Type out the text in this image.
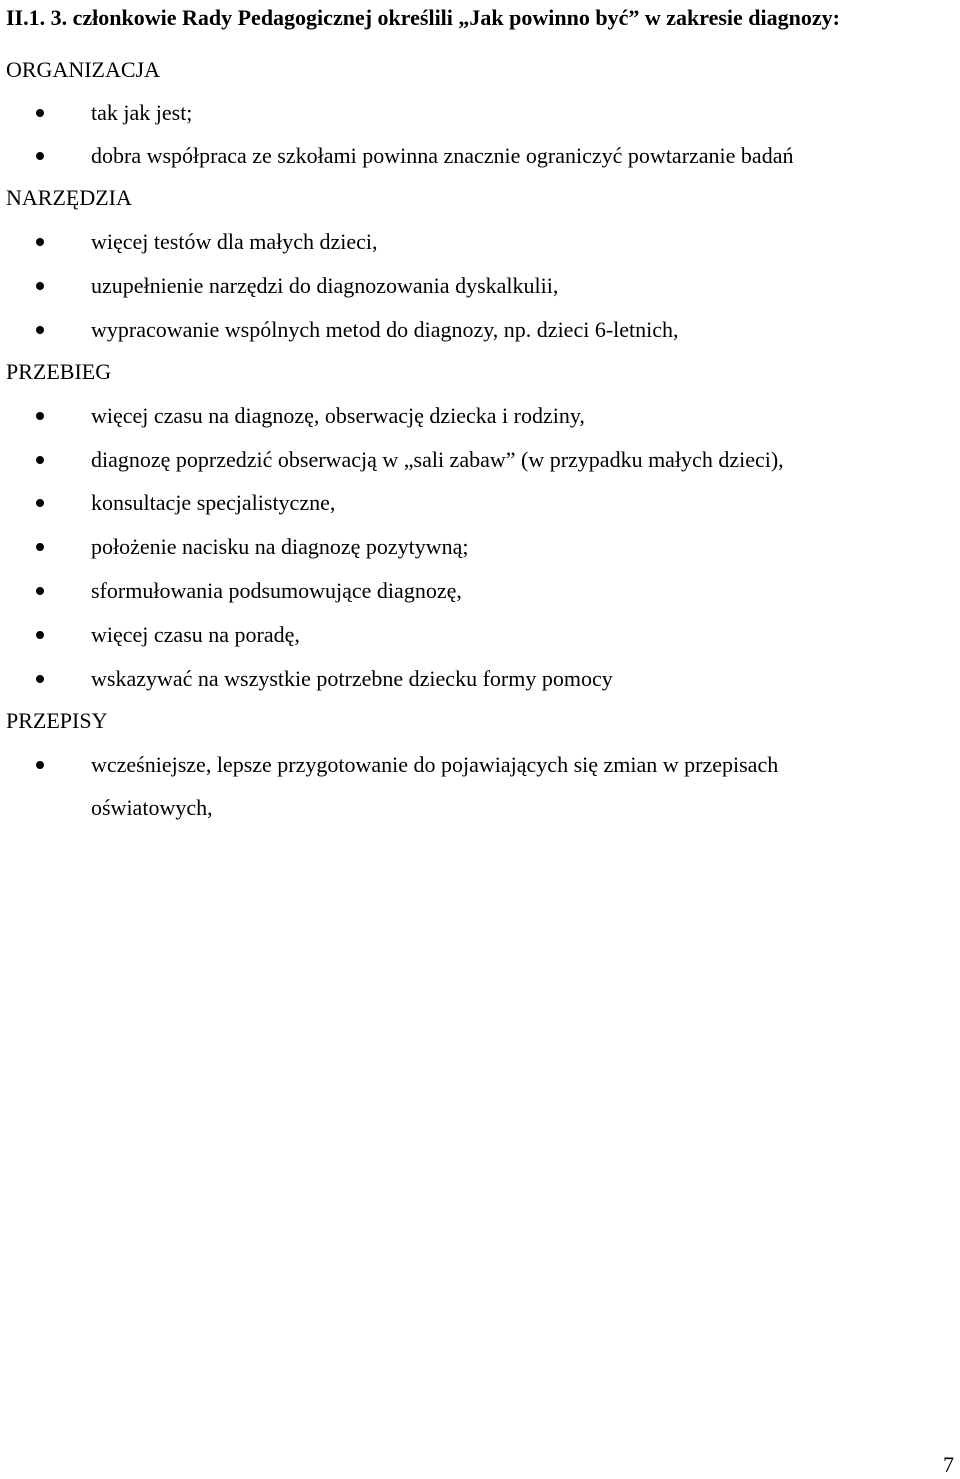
II.1. 3. członkowie Rady Pedagogicznej określili „Jak powinno być” w zakresie diagnozy:
ORGANIZACJA
tak jak jest;
dobra współpraca ze szkołami powinna znacznie ograniczyć powtarzanie badań
NARZĘDZIA
więcej testów dla małych dzieci,
uzupełnienie narzędzi do diagnozowania dyskalkulii,
wypracowanie wspólnych metod do diagnozy, np. dzieci 6-letnich,
PRZEBIEG
więcej czasu na diagnozę, obserwację dziecka i rodziny,
diagnozę poprzedzić obserwacją w „sali zabaw” (w przypadku małych dzieci),
konsultacje specjalistyczne,
położenie nacisku na diagnozę pozytywną;
sformułowania podsumowujące diagnozę,
więcej czasu na poradę,
wskazywać na wszystkie potrzebne dziecku formy pomocy
PRZEPISY
wcześniejsze, lepsze przygotowanie do pojawiających się zmian w przepisach oświatowych,
7
